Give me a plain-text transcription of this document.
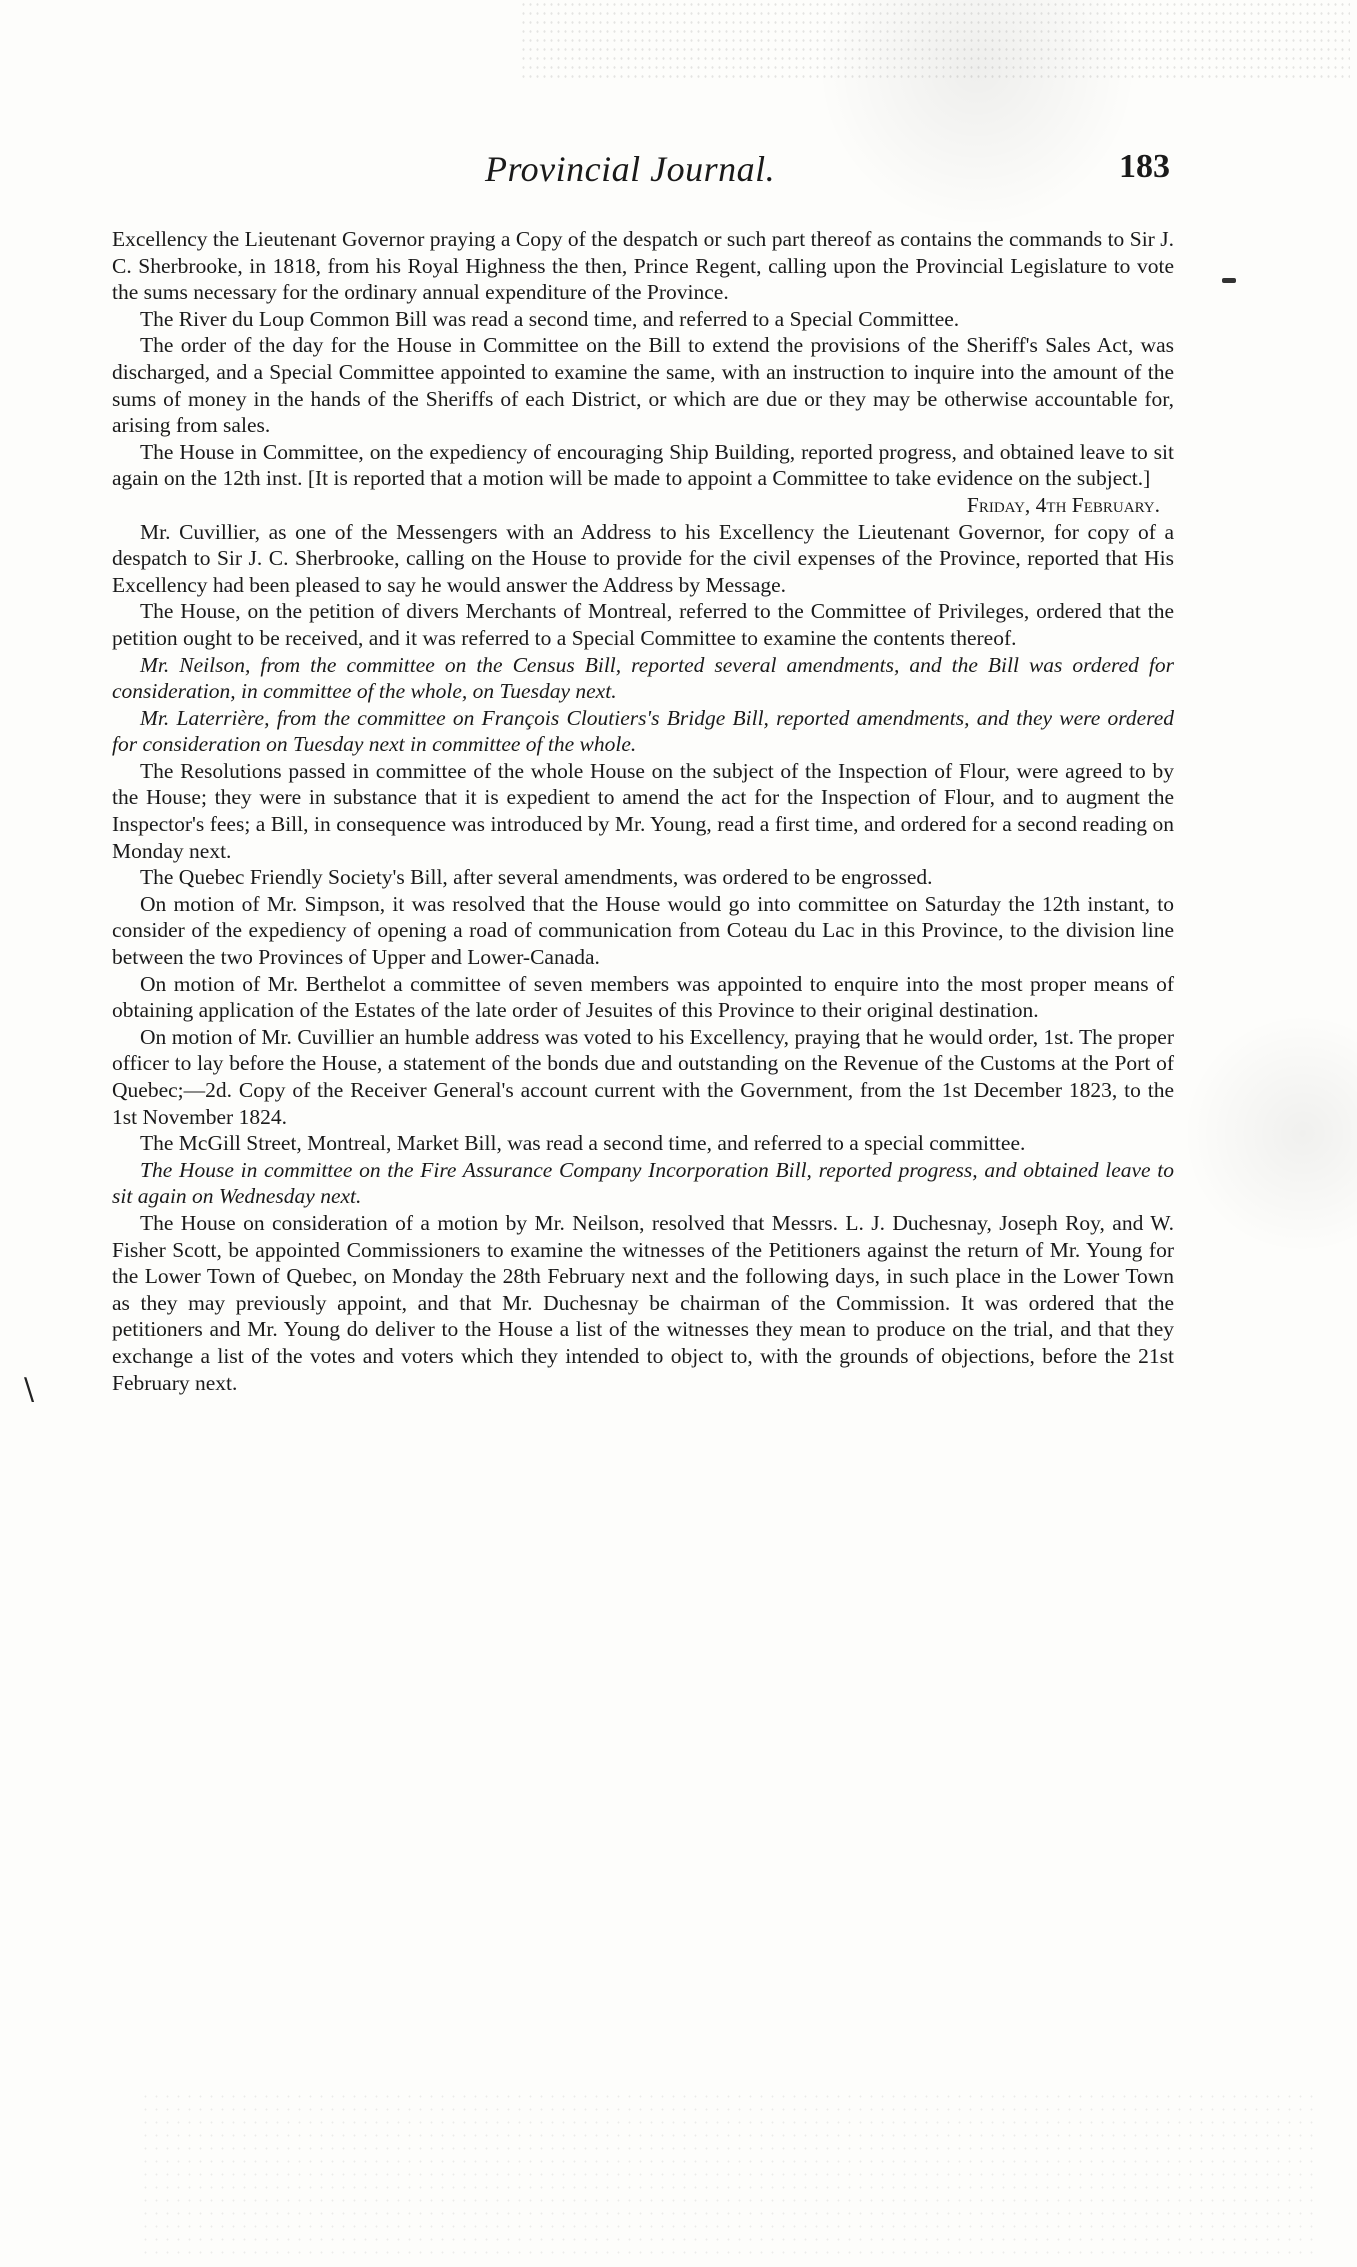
Provincial Journal.	183
\

Excellency the Lieutenant Governor praying a Copy of the despatch or such part thereof as contains the commands to Sir J. C. Sherbrooke, in 1818, from his Royal Highness the then, Prince Regent, calling upon the Provincial Legislature to vote the sums necessary for the ordinary annual expenditure of the Province.

The River du Loup Common Bill was read a second time, and referred to a Special Committee.

The order of the day for the House in Committee on the Bill to extend the provisions of the Sheriff's Sales Act, was discharged, and a Special Committee appointed to examine the same, with an instruction to inquire into the amount of the sums of money in the hands of the Sheriffs of each District, or which are due or they may be otherwise accountable for, arising from sales.

The House in Committee, on the expediency of encouraging Ship Building, reported progress, and obtained leave to sit again on the 12th inst. [It is reported that a motion will be made to appoint a Committee to take evidence on the subject.]

Friday, 4th February.

Mr. Cuvillier, as one of the Messengers with an Address to his Excellency the Lieutenant Governor, for copy of a despatch to Sir J. C. Sherbrooke, calling on the House to provide for the civil expenses of the Province, reported that His Excellency had been pleased to say he would answer the Address by Message.

The House, on the petition of divers Merchants of Montreal, referred to the Committee of Privileges, ordered that the petition ought to be received, and it was referred to a Special Committee to examine the contents thereof.

Mr. Neilson, from the committee on the Census Bill, reported several amendments, and the Bill was ordered for consideration, in committee of the whole, on Tuesday next.

Mr. Laterrière, from the committee on François Cloutiers's Bridge Bill, reported amendments, and they were ordered for consideration on Tuesday next in committee of the whole.

The Resolutions passed in committee of the whole House on the subject of the Inspection of Flour, were agreed to by the House; they were in substance that it is expedient to amend the act for the Inspection of Flour, and to augment the Inspector's fees; a Bill, in consequence was introduced by Mr. Young, read a first time, and ordered for a second reading on Monday next.

The Quebec Friendly Society's Bill, after several amendments, was ordered to be engrossed.

On motion of Mr. Simpson, it was resolved that the House would go into committee on Saturday the 12th instant, to consider of the expediency of opening a road of communication from Coteau du Lac in this Province, to the division line between the two Provinces of Upper and Lower-Canada.

On motion of Mr. Berthelot a committee of seven members was appointed to enquire into the most proper means of obtaining application of the Estates of the late order of Jesuites of this Province to their original destination.

On motion of Mr. Cuvillier an humble address was voted to his Excellency, praying that he would order, 1st. The proper officer to lay before the House, a statement of the bonds due and outstanding on the Revenue of the Customs at the Port of Quebec;—2d. Copy of the Receiver General's account current with the Government, from the 1st December 1823, to the 1st November 1824.

The McGill Street, Montreal, Market Bill, was read a second time, and referred to a special committee.

The House in committee on the Fire Assurance Company Incorporation Bill, reported progress, and obtained leave to sit again on Wednesday next.

The House on consideration of a motion by Mr. Neilson, resolved that Messrs. L. J. Duchesnay, Joseph Roy, and W. Fisher Scott, be appointed Commissioners to examine the witnesses of the Petitioners against the return of Mr. Young for the Lower Town of Quebec, on Monday the 28th February next and the following days, in such place in the Lower Town as they may previously appoint, and that Mr. Duchesnay be chairman of the Commission. It was ordered that the petitioners and Mr. Young do deliver to the House a list of the witnesses they mean to produce on the trial, and that they exchange a list of the votes and voters which they intended to object to, with the grounds of objections, before the 21st February next.
